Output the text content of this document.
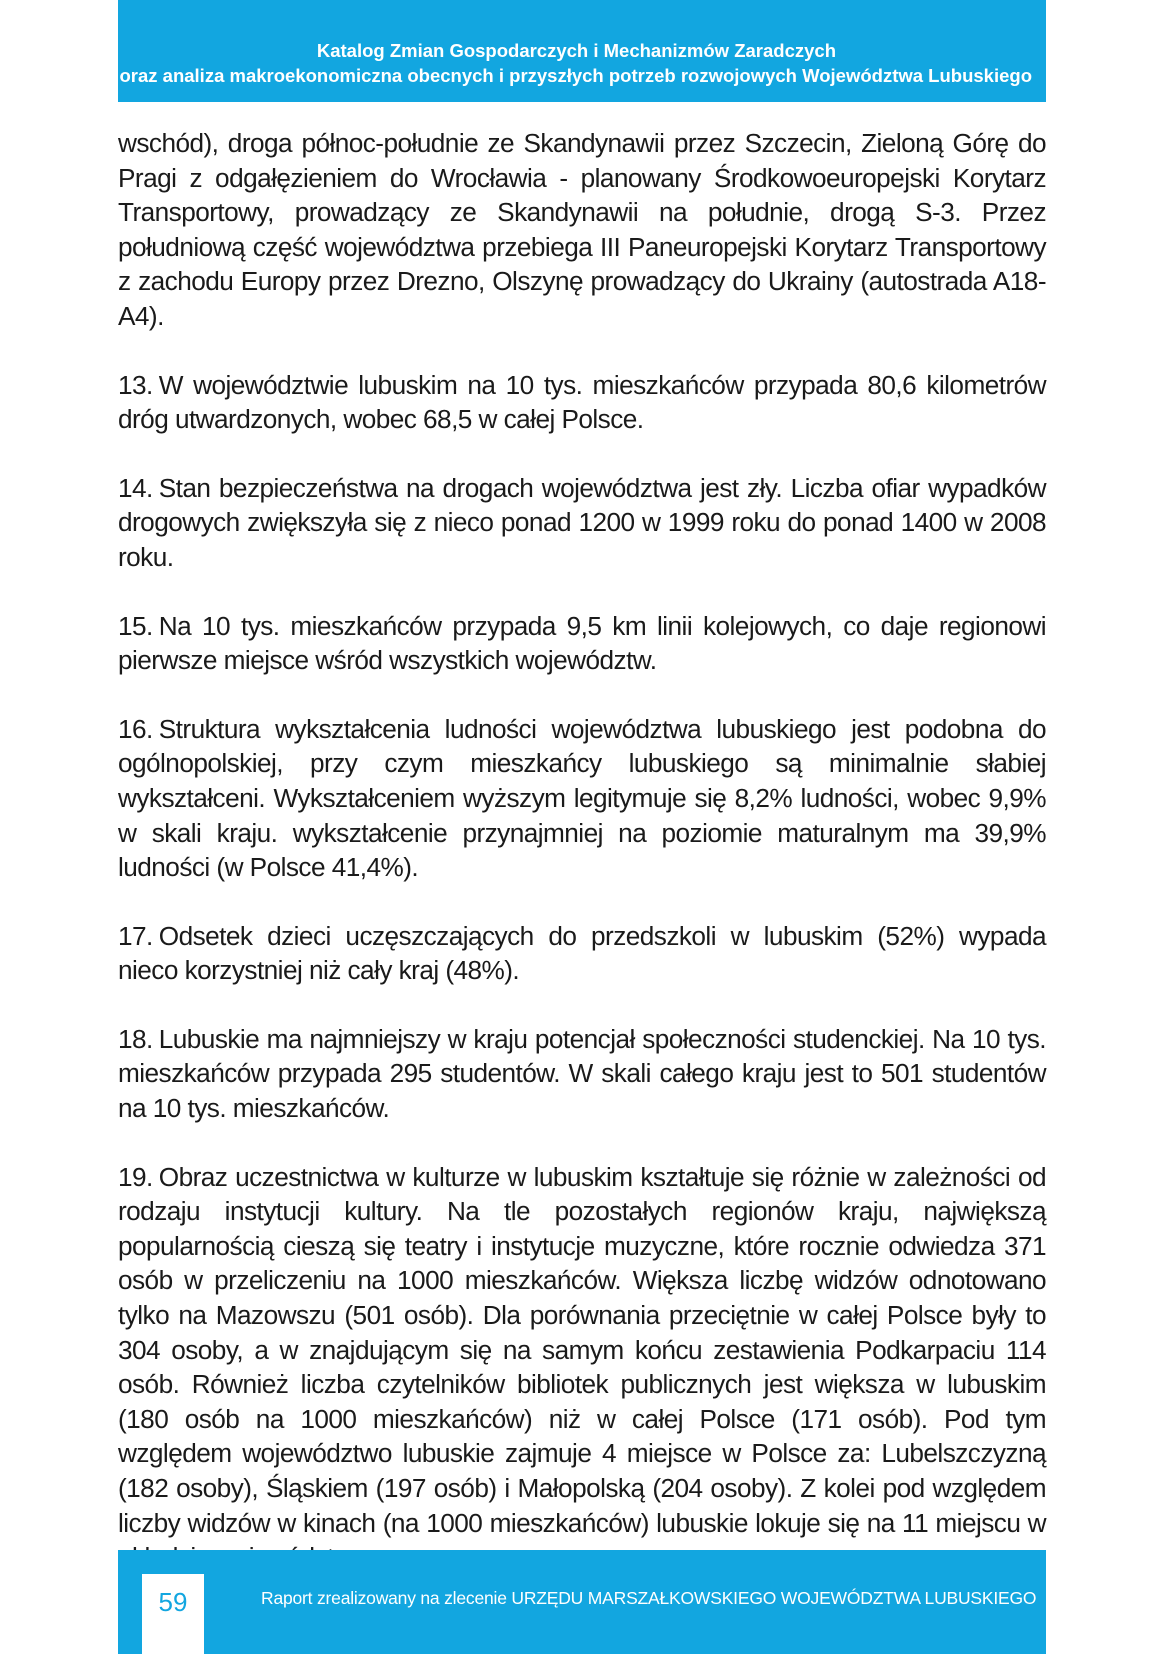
Katalog Zmian Gospodarczych i Mechanizmów Zaradczych
oraz analiza makroekonomiczna obecnych i przyszłych potrzeb rozwojowych Województwa Lubuskiego

wschód), droga północ-południe ze Skandynawii przez Szczecin, Zieloną Górę do Pragi z odgałęzieniem do Wrocławia - planowany Środkowoeuropejski Korytarz Transportowy, prowadzący ze Skandynawii na południe, drogą S-3. Przez południową część województwa przebiega III Paneuropejski Korytarz Transportowy z zachodu Europy przez Drezno, Olszynę prowadzący do Ukrainy (autostrada A18-A4).

13. W województwie lubuskim na 10 tys. mieszkańców przypada 80,6 kilometrów dróg utwardzonych, wobec 68,5 w całej Polsce.

14. Stan bezpieczeństwa na drogach województwa jest zły. Liczba ofiar wypadków drogowych zwiększyła się z nieco ponad 1200 w 1999 roku do ponad 1400 w 2008 roku.

15. Na 10 tys. mieszkańców przypada 9,5 km linii kolejowych, co daje regionowi pierwsze miejsce wśród wszystkich województw.

16. Struktura wykształcenia ludności województwa lubuskiego jest podobna do ogólnopolskiej, przy czym mieszkańcy lubuskiego są minimalnie słabiej wykształceni. Wykształceniem wyższym legitymuje się 8,2% ludności, wobec 9,9% w skali kraju. wykształcenie przynajmniej na poziomie maturalnym ma 39,9% ludności (w Polsce 41,4%).

17. Odsetek dzieci uczęszczających do przedszkoli w lubuskim (52%) wypada nieco korzystniej niż cały kraj (48%).

18. Lubuskie ma najmniejszy w kraju potencjał społeczności studenckiej. Na 10 tys. mieszkańców przypada 295 studentów. W skali całego kraju jest to 501 studentów na 10 tys. mieszkańców.

19. Obraz uczestnictwa w kulturze w lubuskim kształtuje się różnie w zależności od rodzaju instytucji kultury. Na tle pozostałych regionów kraju, największą popularnością cieszą się teatry i instytucje muzyczne, które rocznie odwiedza 371 osób w przeliczeniu na 1000 mieszkańców. Większa liczbę widzów odnotowano tylko na Mazowszu (501 osób). Dla porównania przeciętnie w całej Polsce były to 304 osoby, a w znajdującym się na samym końcu zestawienia Podkarpaciu 114 osób. Również liczba czytelników bibliotek publicznych jest większa w lubuskim (180 osób na 1000 mieszkańców) niż w całej Polsce (171 osób). Pod tym względem województwo lubuskie zajmuje 4 miejsce w Polsce za: Lubelszczyzną (182 osoby), Śląskiem (197 osób) i Małopolską (204 osoby). Z kolei pod względem liczby widzów w kinach (na 1000 mieszkańców) lubuskie lokuje się na 11 miejscu w

59	Raport zrealizowany na zlecenie URZĘDU MARSZAŁKOWSKIEGO WOJEWÓDZTWA LUBUSKIEGO
